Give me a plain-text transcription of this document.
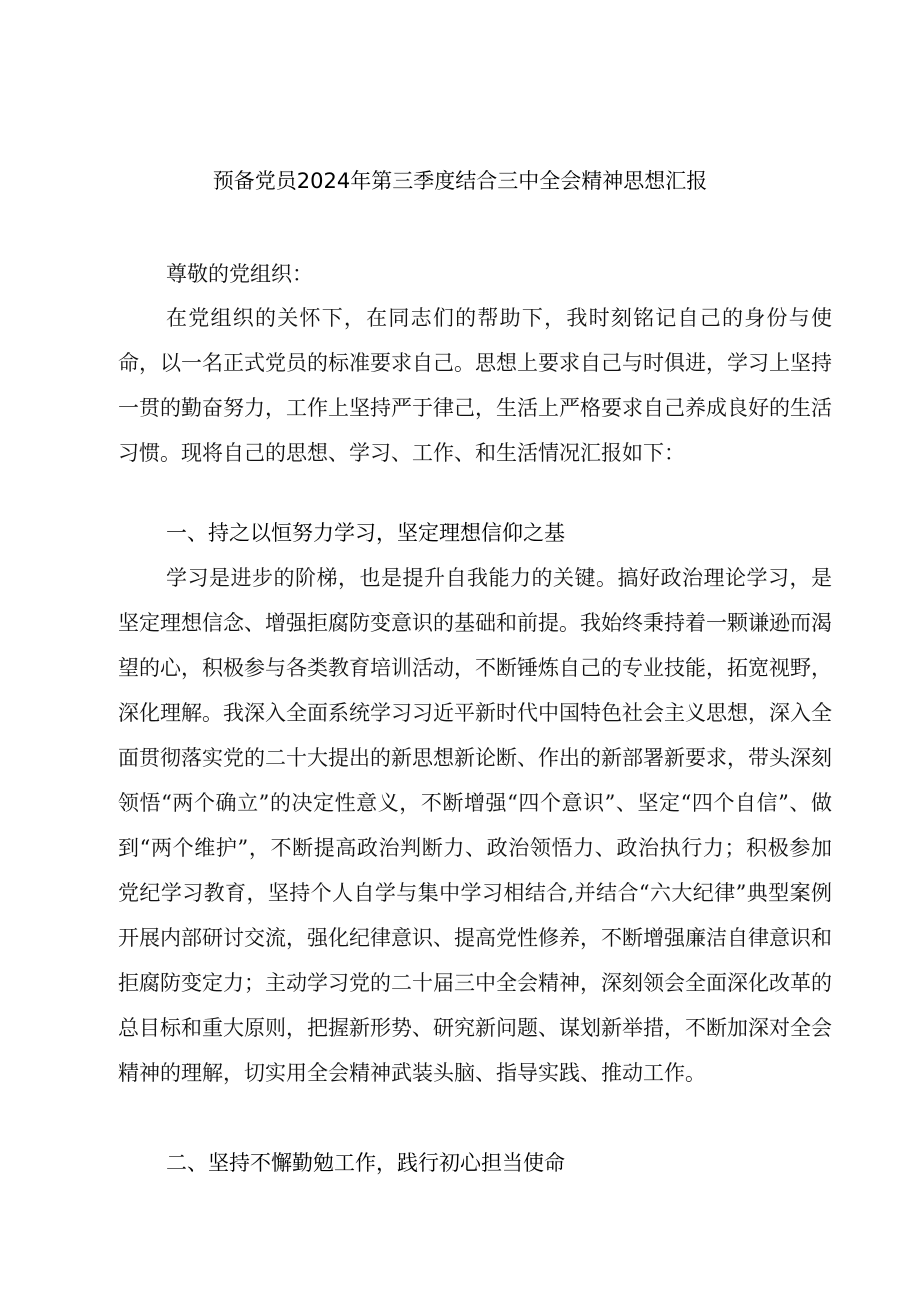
预备党员2024年第三季度结合三中全会精神思想汇报

尊敬的党组织：

在党组织的关怀下，在同志们的帮助下，我时刻铭记自己的身份与使命，以一名正式党员的标准要求自己。思想上要求自己与时俱进，学习上坚持一贯的勤奋努力，工作上坚持严于律己，生活上严格要求自己养成良好的生活习惯。现将自己的思想、学习、工作、和生活情况汇报如下：

一、持之以恒努力学习，坚定理想信仰之基

学习是进步的阶梯，也是提升自我能力的关键。搞好政治理论学习，是坚定理想信念、增强拒腐防变意识的基础和前提。我始终秉持着一颗谦逊而渴望的心，积极参与各类教育培训活动，不断锤炼自己的专业技能，拓宽视野，深化理解。我深入全面系统学习习近平新时代中国特色社会主义思想，深入全面贯彻落实党的二十大提出的新思想新论断、作出的新部署新要求，带头深刻领悟“两个确立”的决定性意义，不断增强“四个意识”、坚定“四个自信”、做到“两个维护”，不断提高政治判断力、政治领悟力、政治执行力；积极参加党纪学习教育，坚持个人自学与集中学习相结合,并结合“六大纪律”典型案例开展内部研讨交流，强化纪律意识、提高党性修养，不断增强廉洁自律意识和拒腐防变定力；主动学习党的二十届三中全会精神，深刻领会全面深化改革的总目标和重大原则，把握新形势、研究新问题、谋划新举措，不断加深对全会精神的理解，切实用全会精神武装头脑、指导实践、推动工作。

二、坚持不懈勤勉工作，践行初心担当使命
